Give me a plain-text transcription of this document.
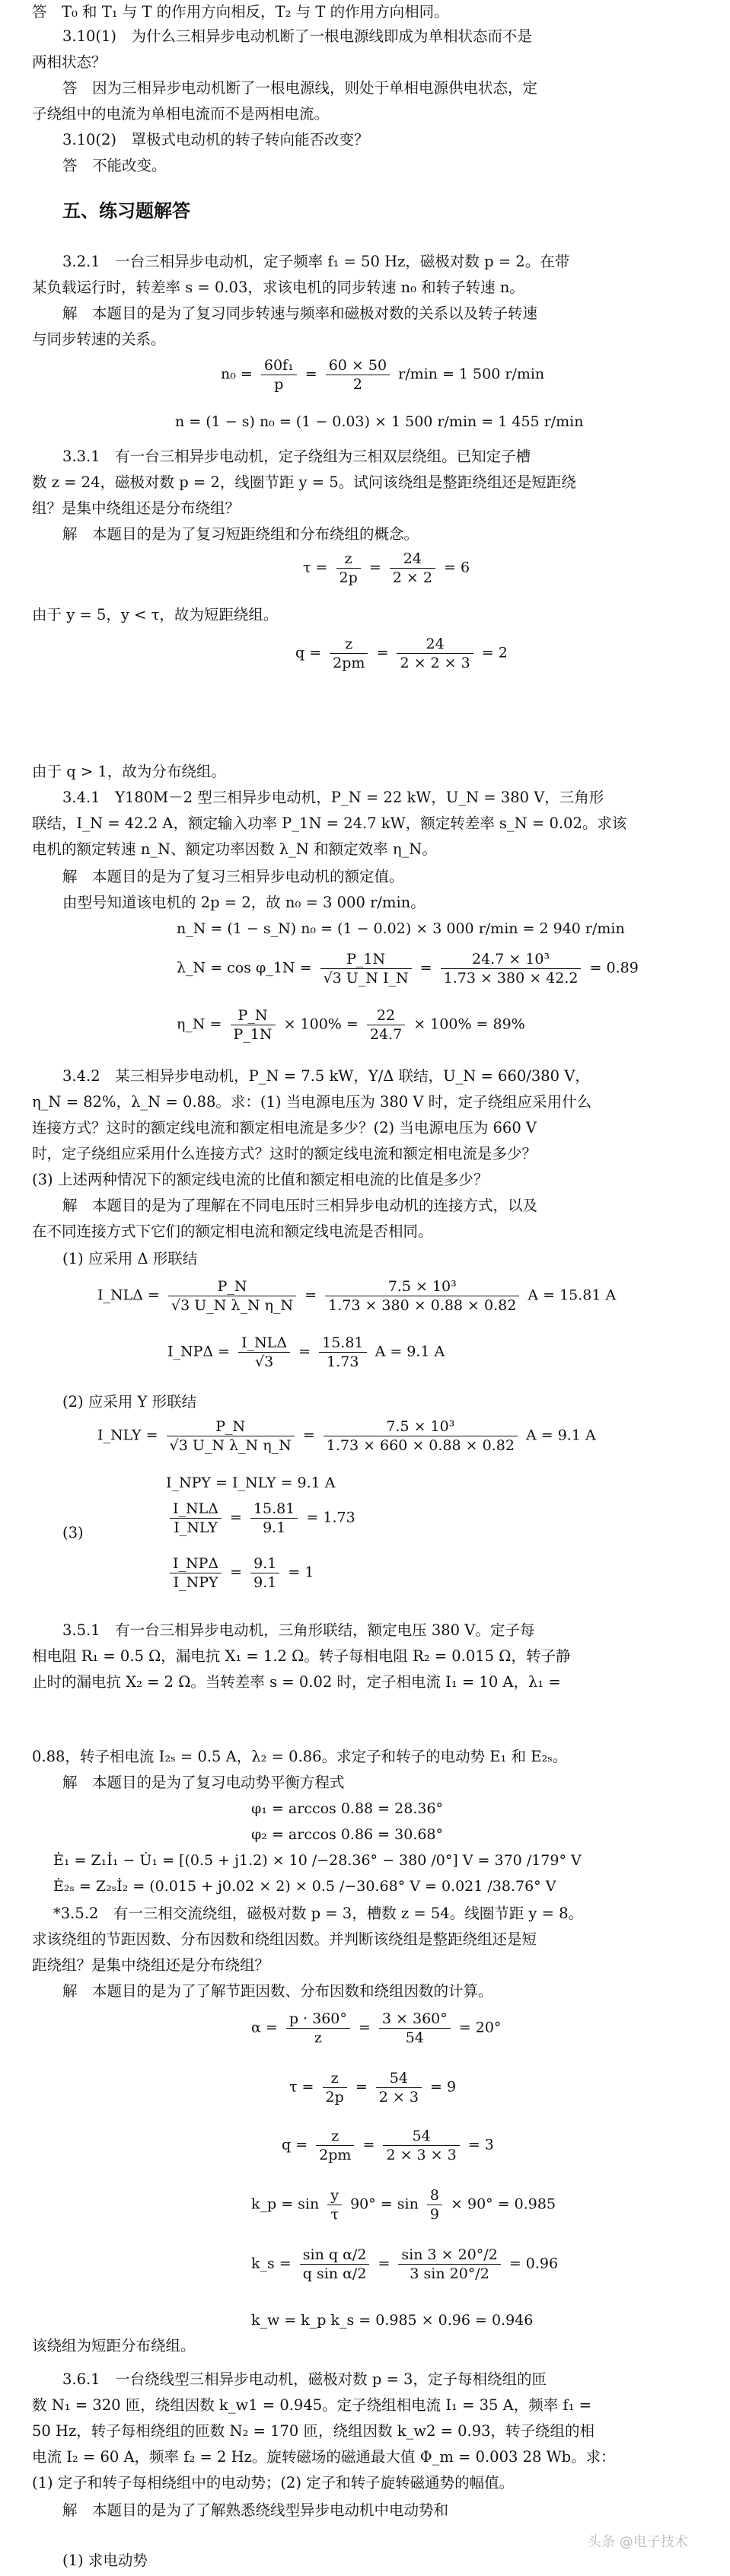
答　T₀ 和 T₁ 与 T 的作用方向相反，T₂ 与 T 的作用方向相同。
3.10(1)　为什么三相异步电动机断了一根电源线即成为单相状态而不是
两相状态？
答　因为三相异步电动机断了一根电源线，则处于单相电源供电状态，定
子绕组中的电流为单相电流而不是两相电流。
3.10(2)　罩极式电动机的转子转向能否改变？
答　不能改变。
五、练习题解答
3.2.1　一台三相异步电动机，定子频率 f₁ = 50 Hz，磁极对数 p = 2。在带
某负载运行时，转差率 s = 0.03，求该电机的同步转速 n₀ 和转子转速 n。
解　本题目的是为了复习同步转速与频率和磁极对数的关系以及转子转速
与同步转速的关系。
$n_0 = \frac{\text{60f₁}}{p} = \frac{60 \times 50}{2} r/\min = 1$ 500 r/min
n = (1 − s) n₀ = (1 − 0.03) × 1 500 r/min = 1 455 r/min
3.3.1　有一台三相异步电动机，定子绕组为三相双层绕组。已知定子槽
数 z = 24，磁极对数 p = 2，线圈节距 y = 5。试问该绕组是整距绕组还是短距绕
组？是集中绕组还是分布绕组？
解　本题目的是为了复习短距绕组和分布绕组的概念。
$\tau = \frac{z}{2p} = \frac{24}{2 \times 2} = 6$
由于 y = 5，y < τ，故为短距绕组。
$q = \frac{z}{2pm} = \frac{24}{2 \times 2 \times 3} = 2$
由于 q > 1，故为分布绕组。
3.4.1　Y180M－2 型三相异步电动机，P_N = 22 kW，U_N = 380 V，三角形
联结，I_N = 42.2 A，额定输入功率 P_1N = 24.7 kW，额定转差率 s_N = 0.02。求该
电机的额定转速 n_N、额定功率因数 λ_N 和额定效率 η_N。
解　本题目的是为了复习三相异步电动机的额定值。
由型号知道该电机的 2p = 2，故 n₀ = 3 000 r/min。
n_N = (1 − s_N) n₀ = (1 − 0.02) × 3 000 r/min = 2 940 r/min
λ_N = cos φ_1N = $\frac{P\_1N}{\text{√3 U\_N I\_N}} = \frac{\text{24.7 × 10³}}{1.73 \times 380 \times 42.2} = 0.89$
η_N = $\frac{P\_N}{P\_1N} \times 100\% = \frac{22}{24.7} \times 100\% = 89\%$
3.4.2　某三相异步电动机，P_N = 7.5 kW，Y/Δ 联结，U_N = 660/380 V，
η_N = 82%，λ_N = 0.88。求：(1) 当电源电压为 380 V 时，定子绕组应采用什么
连接方式？这时的额定线电流和额定相电流是多少？(2) 当电源电压为 660 V
时，定子绕组应采用什么连接方式？这时的额定线电流和额定相电流是多少？
(3) 上述两种情况下的额定线电流的比值和额定相电流的比值是多少？
解　本题目的是为了理解在不同电压时三相异步电动机的连接方式，以及
在不同连接方式下它们的额定相电流和额定线电流是否相同。
(1) 应采用 Δ 形联结
I_NLΔ = $\frac{P\_N}{\text{√3 U\_N λ\_N η\_N}} = \frac{\text{7.5 × 10³}}{1.73 \times 380 \times 0.88 \times 0.82}$ A = 15.81 A
I_NPΔ = $\frac{\text{I\_NLΔ}}{√3} = \frac{15.81}{1.73}$ A = 9.1 A
(2) 应采用 Y 形联结
I_NLY = $\frac{P\_N}{\text{√3 U\_N λ\_N η\_N}} = \frac{\text{7.5 × 10³}}{1.73 \times 660 \times 0.88 \times 0.82}$ A = 9.1 A
I_NPY = I_NLY = 9.1 A
(3)	$\frac{\text{I\_NLΔ}}{\text{I\_NLY}} = \frac{15.81}{9.1} = 1.73$
$\frac{\text{I\_NPΔ}}{\text{I\_NPY}} = \frac{9.1}{9.1} = 1$
3.5.1　有一台三相异步电动机，三角形联结，额定电压 380 V。定子每
相电阻 R₁ = 0.5 Ω，漏电抗 X₁ = 1.2 Ω。转子每相电阻 R₂ = 0.015 Ω，转子静
止时的漏电抗 X₂ = 2 Ω。当转差率 s = 0.02 时，定子相电流 I₁ = 10 A，λ₁ =
0.88，转子相电流 I₂ₛ = 0.5 A，λ₂ = 0.86。求定子和转子的电动势 E₁ 和 E₂ₛ。
解　本题目的是为了复习电动势平衡方程式
φ₁ = arccos 0.88 = 28.36°
φ₂ = arccos 0.86 = 30.68°
Ė₁ = Z₁İ₁ − U̇₁ = [(0.5 + j1.2) × 10 /−28.36° − 380 /0°] V = 370 /179° V
Ė₂ₛ = Z₂ₛİ₂ = (0.015 + j0.02 × 2) × 0.5 /−30.68° V = 0.021 /38.76° V
*3.5.2　有一三相交流绕组，磁极对数 p = 3，槽数 z = 54。线圈节距 y = 8。
求该绕组的节距因数、分布因数和绕组因数。并判断该绕组是整距绕组还是短
距绕组？是集中绕组还是分布绕组？
解　本题目的是为了了解节距因数、分布因数和绕组因数的计算。
$\alpha = \frac{p \cdot 360^\circ}{z} = \frac{3 \times 360^\circ}{54} = 20^\circ$
$\tau = \frac{z}{2p} = \frac{54}{2 \times 3} = 9$
$q = \frac{z}{2pm} = \frac{54}{2 \times 3 \times 3} = 3$
k_p = $\sin \frac{y}{\tau} 90^\circ = \sin \frac{8}{9} \times 90^\circ = 0.985$
k_s = $\frac{\text{sin q α/2}}{\text{q sin α/2}} = \frac{\sin 3 \times 20^\circ/2}{3 \sin 20^\circ/2} = 0.96$
k_w = k_p k_s = 0.985 × 0.96 = 0.946
该绕组为短距分布绕组。
3.6.1　一台绕线型三相异步电动机，磁极对数 p = 3，定子每相绕组的匝
数 N₁ = 320 匝，绕组因数 k_w1 = 0.945。定子绕组相电流 I₁ = 35 A，频率 f₁ =
50 Hz，转子每相绕组的匝数 N₂ = 170 匝，绕组因数 k_w2 = 0.93，转子绕组的相
电流 I₂ = 60 A，频率 f₂ = 2 Hz。旋转磁场的磁通最大值 Φ_m = 0.003 28 Wb。求：
(1) 定子和转子每相绕组中的电动势；(2) 定子和转子旋转磁通势的幅值。
解　本题目的是为了了解熟悉绕线型异步电动机中电动势和
(1) 求电动势
头条 @电子技术
